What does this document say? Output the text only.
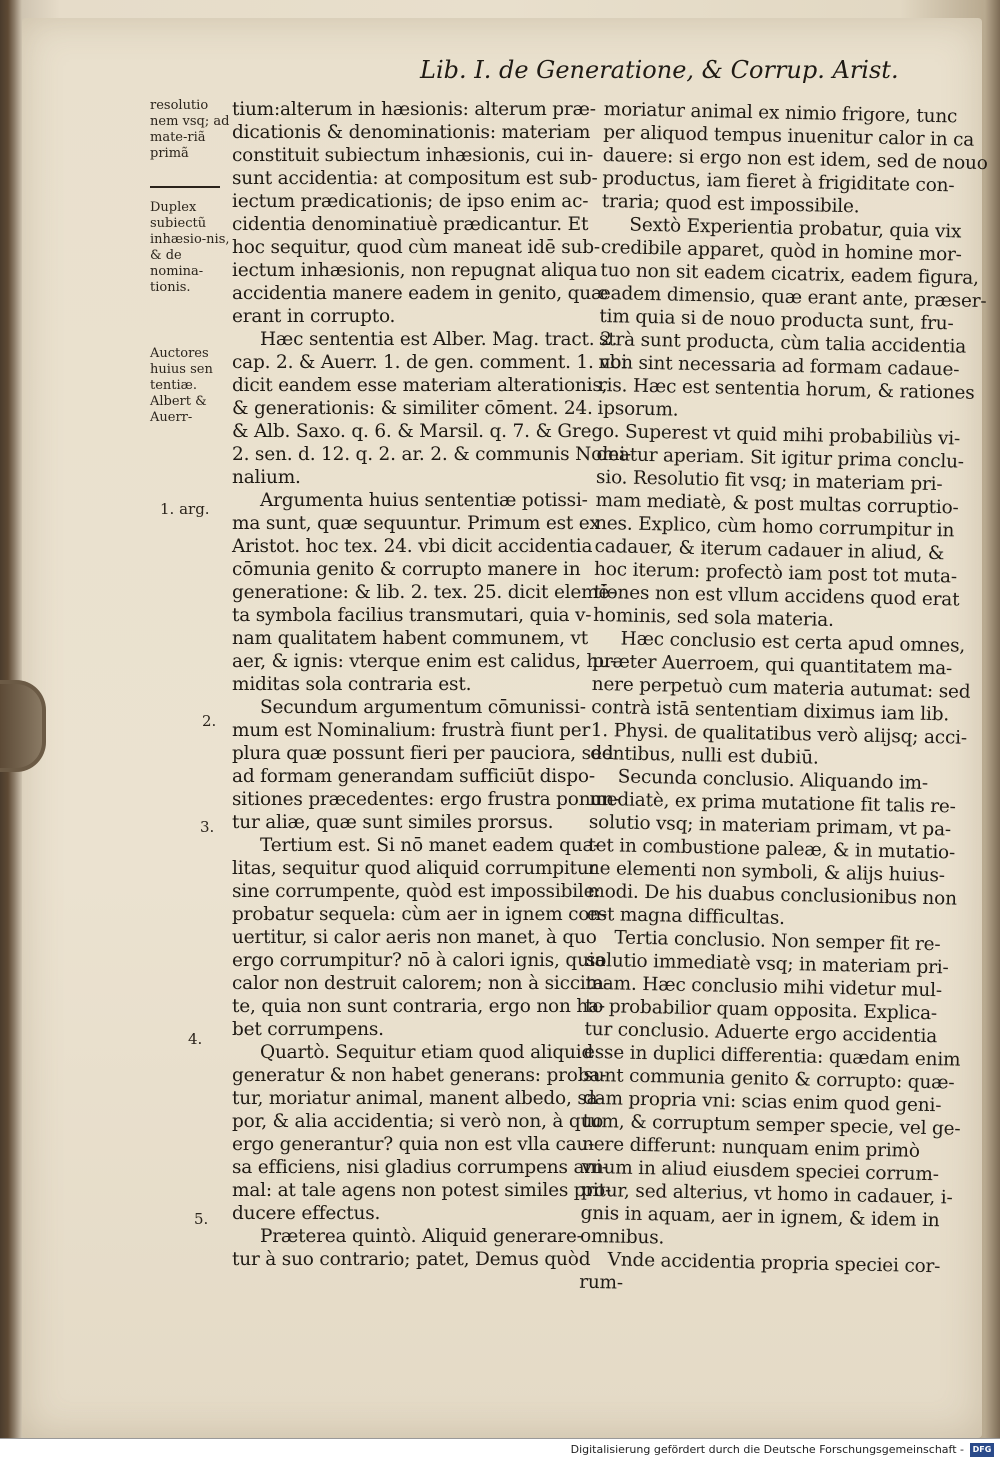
Lib. I. de Generatione, & Corrup. Arist.
resolutio nem vsq; ad mate-riã primã
Duplex subiectũ inhæsio-nis, & de nomina-tionis.
Auctores huius sen tentiæ. Albert & Auerr-
1. arg.
2.
3.
4.
5.
tium:alterum in hæsionis: alterum præ-
dicationis & denominationis: materiam
constituit subiectum inhæsionis, cui in-
sunt accidentia: at compositum est sub-
iectum prædicationis; de ipso enim ac-
cidentia denominatiuè prædicantur. Et
hoc sequitur, quod cùm maneat idē sub-
iectum inhæsionis, non repugnat aliqua
accidentia manere eadem in genito, quæ
erant in corrupto.
Hæc sententia est Alber. Mag. tract. 2.
cap. 2. & Auerr. 1. de gen. comment. 1. vbi
dicit eandem esse materiam alterationis,
& generationis: & similiter cōment. 24.
& Alb. Saxo. q. 6. & Marsil. q. 7. & Grego.
2. sen. d. 12. q. 2. ar. 2. & communis Nomi-
nalium.
Argumenta huius sententiæ potissi-
ma sunt, quæ sequuntur. Primum est ex
Aristot. hoc tex. 24. vbi dicit accidentia
cōmunia genito & corrupto manere in
generatione: & lib. 2. tex. 25. dicit elemē-
ta symbola facilius transmutari, quia v-
nam qualitatem habent communem, vt
aer, & ignis: vterque enim est calidus, hu-
miditas sola contraria est.
Secundum argumentum cōmunissi-
mum est Nominalium: frustrà fiunt per
plura quæ possunt fieri per pauciora, sed
ad formam generandam sufficiūt dispo-
sitiones præcedentes: ergo frustra ponun-
tur aliæ, quæ sunt similes prorsus.
Tertium est. Si nō manet eadem qua-
litas, sequitur quod aliquid corrumpitur
sine corrumpente, quòd est impossibile:
probatur sequela: cùm aer in ignem con-
uertitur, si calor aeris non manet, à quo
ergo corrumpitur? nō à calori ignis, quia
calor non destruit calorem; non à siccita-
te, quia non sunt contraria, ergo non ha-
bet corrumpens.
Quartò. Sequitur etiam quod aliquid
generatur & non habet generans: proba-
tur, moriatur animal, manent albedo, sa-
por, & alia accidentia; si verò non, à quo
ergo generantur? quia non est vlla cau-
sa efficiens, nisi gladius corrumpens ani-
mal: at tale agens non potest similes pro-
ducere effectus.
Præterea quintò. Aliquid generare-
tur à suo contrario; patet, Demus quòd
moriatur animal ex nimio frigore, tunc
per aliquod tempus inuenitur calor in ca
dauere: si ergo non est idem, sed de nouo
productus, iam fieret à frigiditate con-
traria; quod est impossibile.
Sextò Experientia probatur, quia vix
credibile apparet, quòd in homine mor-
tuo non sit eadem cicatrix, eadem figura,
eadem dimensio, quæ erant ante, præser-
tim quia si de nouo producta sunt, fru-
strà sunt producta, cùm talia accidentia
non sint necessaria ad formam cadaue-
ris. Hæc est sententia horum, & rationes
ipsorum.
Superest vt quid mihi probabiliùs vi-
deatur aperiam. Sit igitur prima conclu-
sio. Resolutio fit vsq; in materiam pri-
mam mediatè, & post multas corruptio-
nes. Explico, cùm homo corrumpitur in
cadauer, & iterum cadauer in aliud, &
hoc iterum: profectò iam post tot muta-
tiones non est vllum accidens quod erat
hominis, sed sola materia.
Hæc conclusio est certa apud omnes,
præter Auerroem, qui quantitatem ma-
nere perpetuò cum materia autumat: sed
contrà istā sententiam diximus iam lib.
1. Physi. de qualitatibus verò alijsq; acci-
dentibus, nulli est dubiū.
Secunda conclusio. Aliquando im-
mediatè, ex prima mutatione fit talis re-
solutio vsq; in materiam primam, vt pa-
tet in combustione paleæ, & in mutatio-
ne elementi non symboli, & alijs huius-
modi. De his duabus conclusionibus non
est magna difficultas.
Tertia conclusio. Non semper fit re-
solutio immediatè vsq; in materiam pri-
mam. Hæc conclusio mihi videtur mul-
to probabilior quam opposita. Explica-
tur conclusio. Aduerte ergo accidentia
esse in duplici differentia: quædam enim
sunt communia genito & corrupto: quæ-
dam propria vni: scias enim quod geni-
tum, & corruptum semper specie, vel ge-
nere differunt: nunquam enim primò
vnum in aliud eiusdem speciei corrum-
pitur, sed alterius, vt homo in cadauer, i-
gnis in aquam, aer in ignem, & idem in
omnibus.
Vnde accidentia propria speciei cor-
rum-
Digitalisierung gefördert durch die Deutsche Forschungsgemeinschaft -	DFG
